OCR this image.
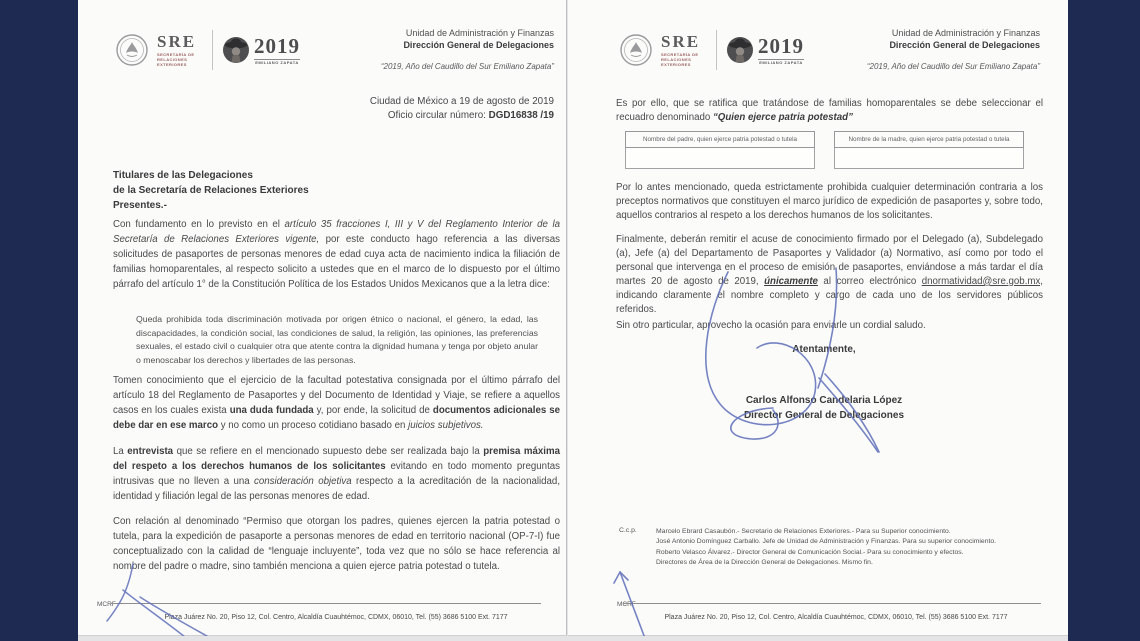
SRE
SECRETARÍA DE RELACIONES EXTERIORES
2019
EMILIANO ZAPATA
Unidad de Administración y Finanzas
Dirección General de Delegaciones
“2019, Año del Caudillo del Sur Emiliano Zapata”
Ciudad de México a 19 de agosto de 2019
Oficio circular número: DGD16838 /19
Titulares de las Delegaciones
de la Secretaría de Relaciones Exteriores
Presentes.-
Con fundamento en lo previsto en el artículo 35 fracciones I, III y V del Reglamento Interior de la Secretaría de Relaciones Exteriores vigente, por este conducto hago referencia a las diversas solicitudes de pasaportes de personas menores de edad cuya acta de nacimiento indica la filiación de familias homoparentales, al respecto solicito a ustedes que en el marco de lo dispuesto por el último párrafo del artículo 1° de la Constitución Política de los Estados Unidos Mexicanos que a la letra dice:
Queda prohibida toda discriminación motivada por origen étnico o nacional, el género, la edad, las discapacidades, la condición social, las condiciones de salud, la religión, las opiniones, las preferencias sexuales, el estado civil o cualquier otra que atente contra la dignidad humana y tenga por objeto anular o menoscabar los derechos y libertades de las personas.
Tomen conocimiento que el ejercicio de la facultad potestativa consignada por el último párrafo del artículo 18 del Reglamento de Pasaportes y del Documento de Identidad y Viaje, se refiere a aquellos casos en los cuales exista una duda fundada y, por ende, la solicitud de documentos adicionales se debe dar en ese marco y no como un proceso cotidiano basado en juicios subjetivos.
La entrevista que se refiere en el mencionado supuesto debe ser realizada bajo la premisa máxima del respeto a los derechos humanos de los solicitantes evitando en todo momento preguntas intrusivas que no lleven a una consideración objetiva respecto a la acreditación de la nacionalidad, identidad y filiación legal de las personas menores de edad.
Con relación al denominado “Permiso que otorgan los padres, quienes ejercen la patria potestad o tutela, para la expedición de pasaporte a personas menores de edad en territorio nacional (OP-7-I) fue conceptualizado con la calidad de “lenguaje incluyente”, toda vez que no sólo se hace referencia al nombre del padre o madre, sino también menciona a quien ejerce patria potestad o tutela.
MCRF
Plaza Juárez No. 20, Piso 12, Col. Centro, Alcaldía Cuauhtémoc, CDMX, 06010, Tel. (55) 3686 5100 Ext. 7177
SRE
SECRETARÍA DE RELACIONES EXTERIORES
2019
EMILIANO ZAPATA
Unidad de Administración y Finanzas
Dirección General de Delegaciones
“2019, Año del Caudillo del Sur Emiliano Zapata”
Es por ello, que se ratifica que tratándose de familias homoparentales se debe seleccionar el recuadro denominado “Quien ejerce patria potestad”
Nombre del padre, quien ejerce patria potestad o tutela	Nombre de la madre, quien ejerce patria potestad o tutela
Por lo antes mencionado, queda estrictamente prohibida cualquier determinación contraria a los preceptos normativos que constituyen el marco jurídico de expedición de pasaportes y, sobre todo, aquellos contrarios al respeto a los derechos humanos de los solicitantes.
Finalmente, deberán remitir el acuse de conocimiento firmado por el Delegado (a), Subdelegado (a), Jefe (a) del Departamento de Pasaportes y Validador (a) Normativo, así como por todo el personal que intervenga en el proceso de emisión de pasaportes, enviándose a más tardar el día martes 20 de agosto de 2019, únicamente al correo electrónico dnormatividad@sre.gob.mx, indicando claramente el nombre completo y cargo de cada uno de los servidores públicos referidos.
Sin otro particular, aprovecho la ocasión para enviarle un cordial saludo.
Atentamente,
Carlos Alfonso Candelaria López
Director General de Delegaciones
C.c.p.	Marcelo Ebrard Casaubón.- Secretario de Relaciones Exteriores.- Para su Superior conocimiento.
José Antonio Domínguez Carballo. Jefe de Unidad de Administración y Finanzas. Para su superior conocimiento.
Roberto Velasco Álvarez.- Director General de Comunicación Social.- Para su conocimiento y efectos.
Directores de Área de la Dirección General de Delegaciones. Mismo fin.
MCRF
Plaza Juárez No. 20, Piso 12, Col. Centro, Alcaldía Cuauhtémoc, CDMX, 06010, Tel. (55) 3686 5100 Ext. 7177
